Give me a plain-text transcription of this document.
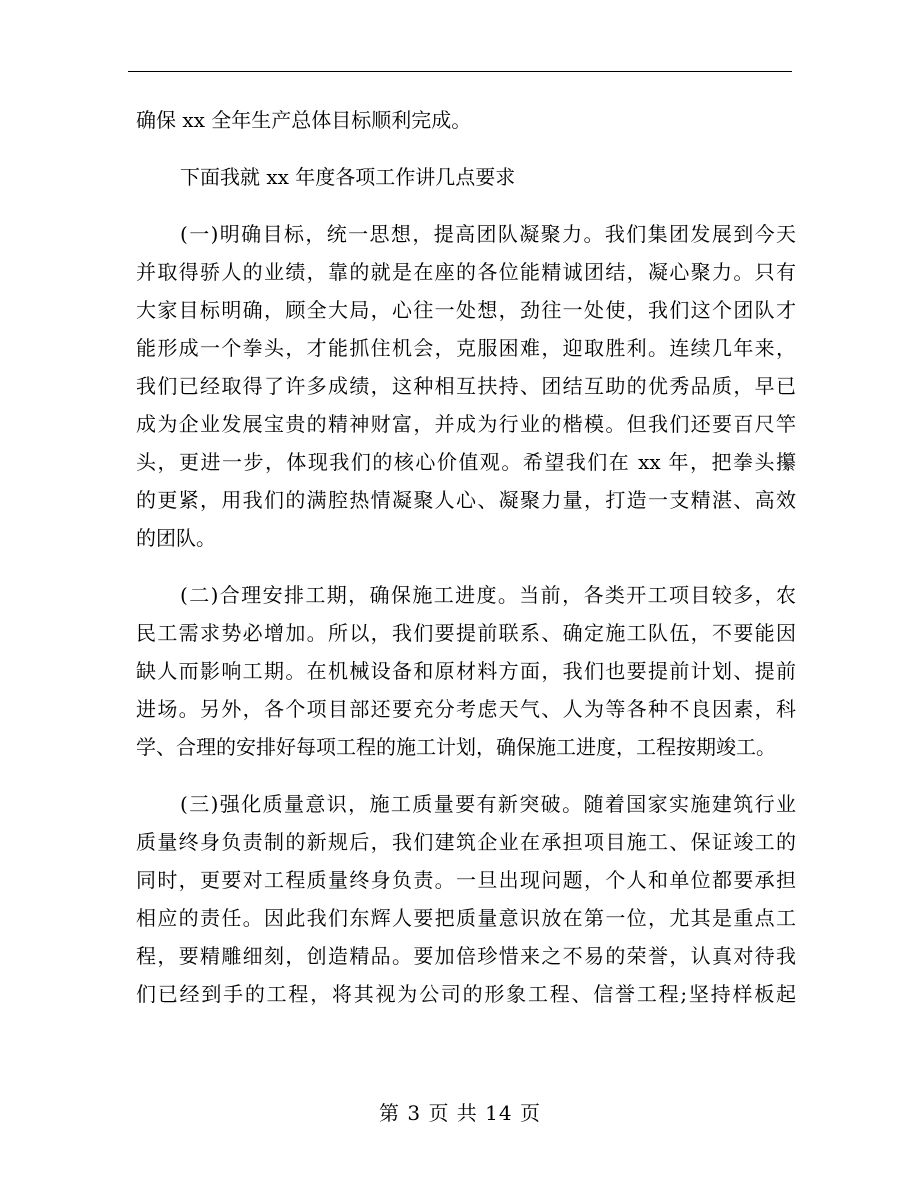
确保 xx 全年生产总体目标顺利完成。
下面我就 xx 年度各项工作讲几点要求
(一)明确目标，统一思想，提高团队凝聚力。我们集团发展到今天
并取得骄人的业绩，靠的就是在座的各位能精诚团结，凝心聚力。只有
大家目标明确，顾全大局，心往一处想，劲往一处使，我们这个团队才
能形成一个拳头，才能抓住机会，克服困难，迎取胜利。连续几年来，
我们已经取得了许多成绩，这种相互扶持、团结互助的优秀品质，早已
成为企业发展宝贵的精神财富，并成为行业的楷模。但我们还要百尺竿
头，更进一步，体现我们的核心价值观。希望我们在 xx 年，把拳头攥
的更紧，用我们的满腔热情凝聚人心、凝聚力量，打造一支精湛、高效
的团队。
(二)合理安排工期，确保施工进度。当前，各类开工项目较多，农
民工需求势必增加。所以，我们要提前联系、确定施工队伍，不要能因
缺人而影响工期。在机械设备和原材料方面，我们也要提前计划、提前
进场。另外，各个项目部还要充分考虑天气、人为等各种不良因素，科
学、合理的安排好每项工程的施工计划，确保施工进度，工程按期竣工。
(三)强化质量意识，施工质量要有新突破。随着国家实施建筑行业
质量终身负责制的新规后，我们建筑企业在承担项目施工、保证竣工的
同时，更要对工程质量终身负责。一旦出现问题，个人和单位都要承担
相应的责任。因此我们东辉人要把质量意识放在第一位，尤其是重点工
程，要精雕细刻，创造精品。要加倍珍惜来之不易的荣誉，认真对待我
们已经到手的工程，将其视为公司的形象工程、信誉工程;坚持样板起
第 3 页 共 14 页
